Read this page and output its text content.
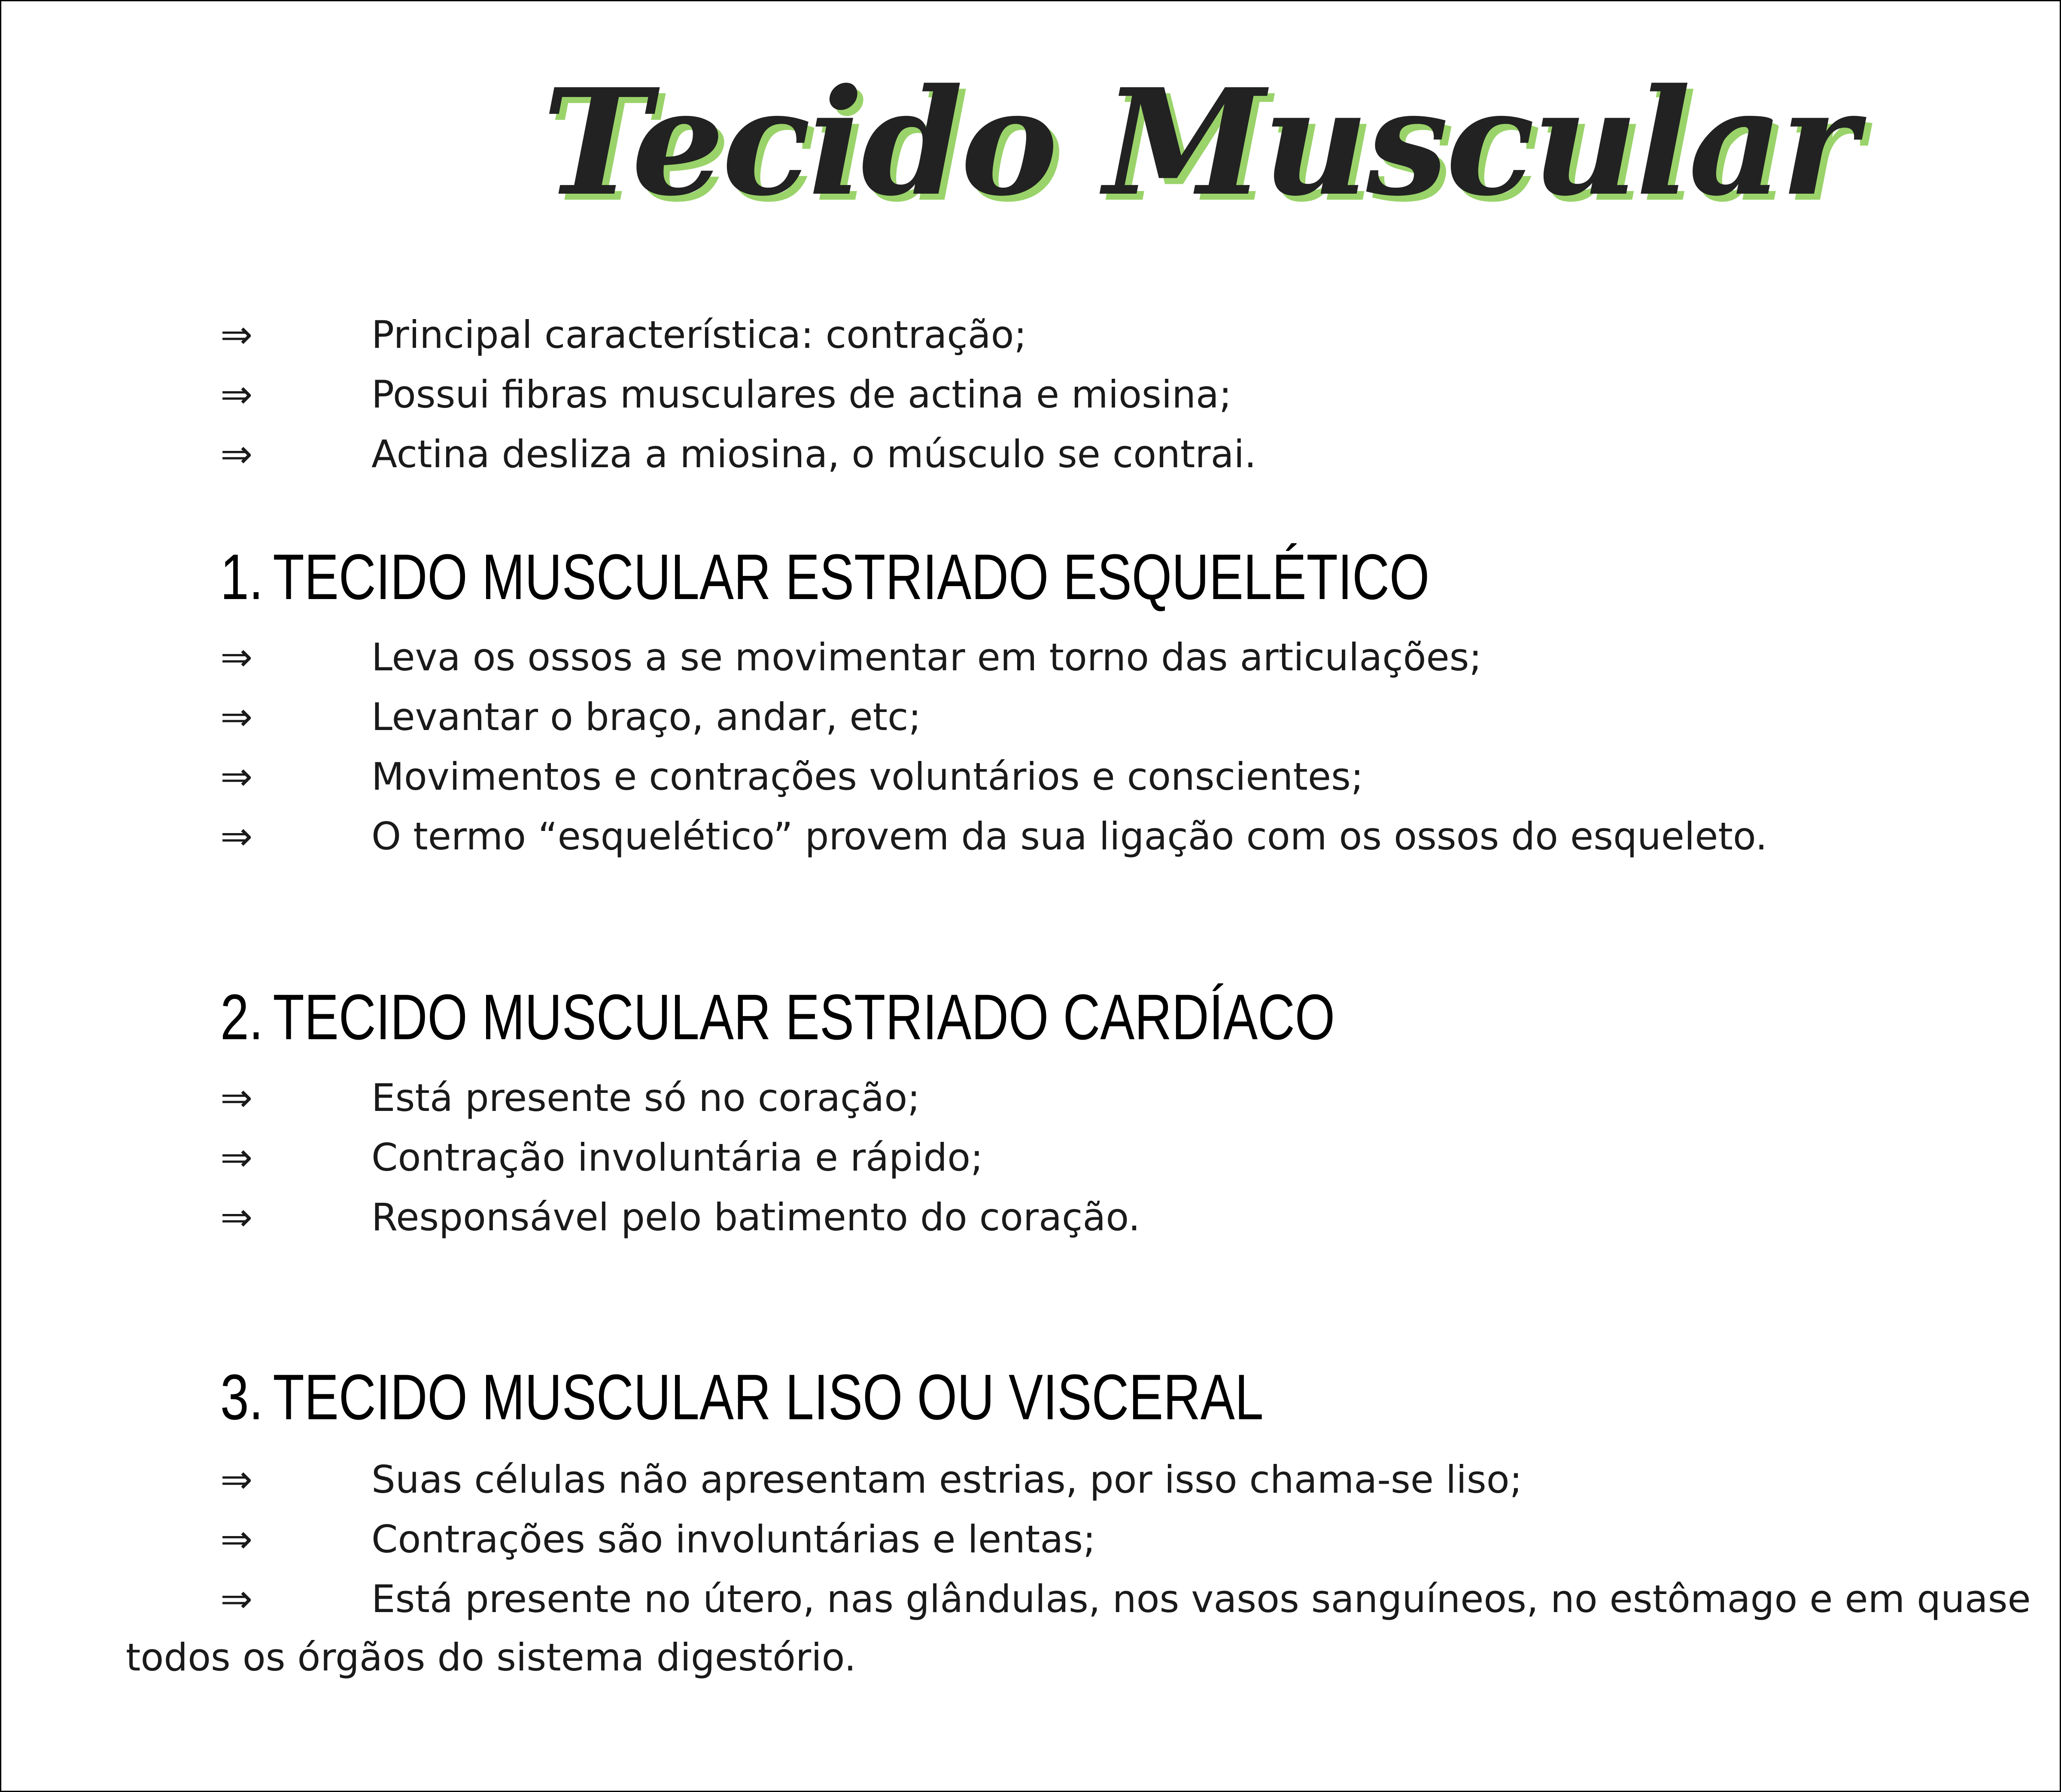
Tecido Muscular
⇒	Principal característica: contração;
⇒	Possui fibras musculares de actina e miosina;
⇒	Actina desliza a miosina, o músculo se contrai.
1. TECIDO MUSCULAR ESTRIADO ESQUELÉTICO
⇒	Leva os ossos a se movimentar em torno das articulações;
⇒	Levantar o braço, andar, etc;
⇒	Movimentos e contrações voluntários e conscientes;
⇒	O termo “esquelético” provem da sua ligação com os ossos do esqueleto.
2. TECIDO MUSCULAR ESTRIADO CARDÍACO
⇒	Está presente só no coração;
⇒	Contração involuntária e rápido;
⇒	Responsável pelo batimento do coração.
3. TECIDO MUSCULAR LISO OU VISCERAL
⇒	Suas células não apresentam estrias, por isso chama-se liso;
⇒	Contrações são involuntárias e lentas;
⇒	Está presente no útero, nas glândulas, nos vasos sanguíneos, no estômago e em quase
todos os órgãos do sistema digestório.
